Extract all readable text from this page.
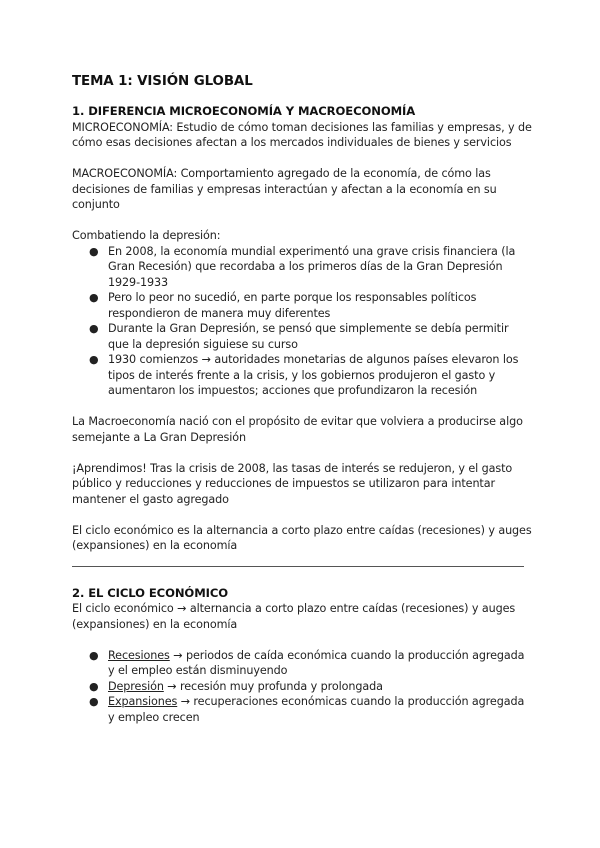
TEMA 1: VISIÓN GLOBAL
1. DIFERENCIA MICROECONOMÍA Y MACROECONOMÍA

MICROECONOMÍA: Estudio de cómo toman decisiones las familias y empresas, y de cómo esas decisiones afectan a los mercados individuales de bienes y servicios

MACROECONOMÍA: Comportamiento agregado de la economía, de cómo las decisiones de familias y empresas interactúan y afectan a la economía en su conjunto

Combatiendo la depresión:

● En 2008, la economía mundial experimentó una grave crisis financiera (la Gran Recesión) que recordaba a los primeros días de la Gran Depresión 1929-1933
● Pero lo peor no sucedió, en parte porque los responsables políticos respondieron de manera muy diferentes
● Durante la Gran Depresión, se pensó que simplemente se debía permitir que la depresión siguiese su curso
● 1930 comienzos → autoridades monetarias de algunos países elevaron los tipos de interés frente a la crisis, y los gobiernos produjeron el gasto y aumentaron los impuestos; acciones que profundizaron la recesión

La Macroeconomía nació con el propósito de evitar que volviera a producirse algo semejante a La Gran Depresión

¡Aprendimos! Tras la crisis de 2008, las tasas de interés se redujeron, y el gasto público y reducciones y reducciones de impuestos se utilizaron para intentar mantener el gasto agregado

El ciclo económico es la alternancia a corto plazo entre caídas (recesiones) y auges (expansiones) en la economía

2. EL CICLO ECONÓMICO

El ciclo económico → alternancia a corto plazo entre caídas (recesiones) y auges (expansiones) en la economía

● Recesiones → periodos de caída económica cuando la producción agregada y el empleo están disminuyendo
● Depresión → recesión muy profunda y prolongada
● Expansiones → recuperaciones económicas cuando la producción agregada y empleo crecen
